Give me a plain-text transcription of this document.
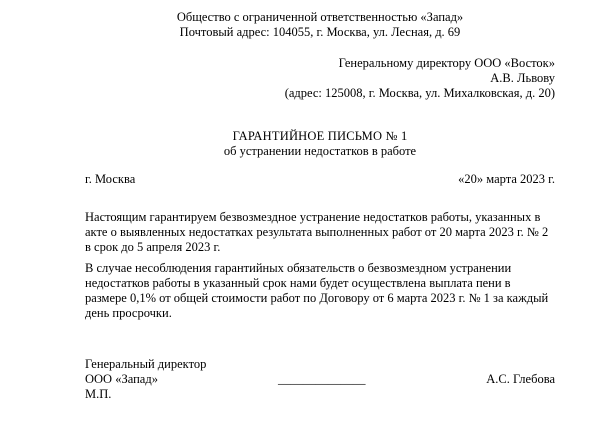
Общество с ограниченной ответственностью «Запад»
Почтовый адрес: 104055, г. Москва, ул. Лесная, д. 69
Генеральному директору ООО «Восток»
А.В. Львову
(адрес: 125008, г. Москва, ул. Михалковская, д. 20)
ГАРАНТИЙНОЕ ПИСЬМО № 1
об устранении недостатков в работе
г. Москва	«20» марта 2023 г.

Настоящим гарантируем безвозмездное устранение недостатков работы, указанных в акте о выявленных недостатках результата выполненных работ от 20 марта 2023 г. № 2 в срок до 5 апреля 2023 г.

В случае несоблюдения гарантийных обязательств о безвозмездном устранении недостатков работы в указанный срок нами будет осуществлена выплата пени в размере 0,1% от общей стоимости работ по Договору от 6 марта 2023 г. № 1 за каждый день просрочки.

Генеральный директор
ООО «Запад»
М.П.
______________	А.С. Глебова
